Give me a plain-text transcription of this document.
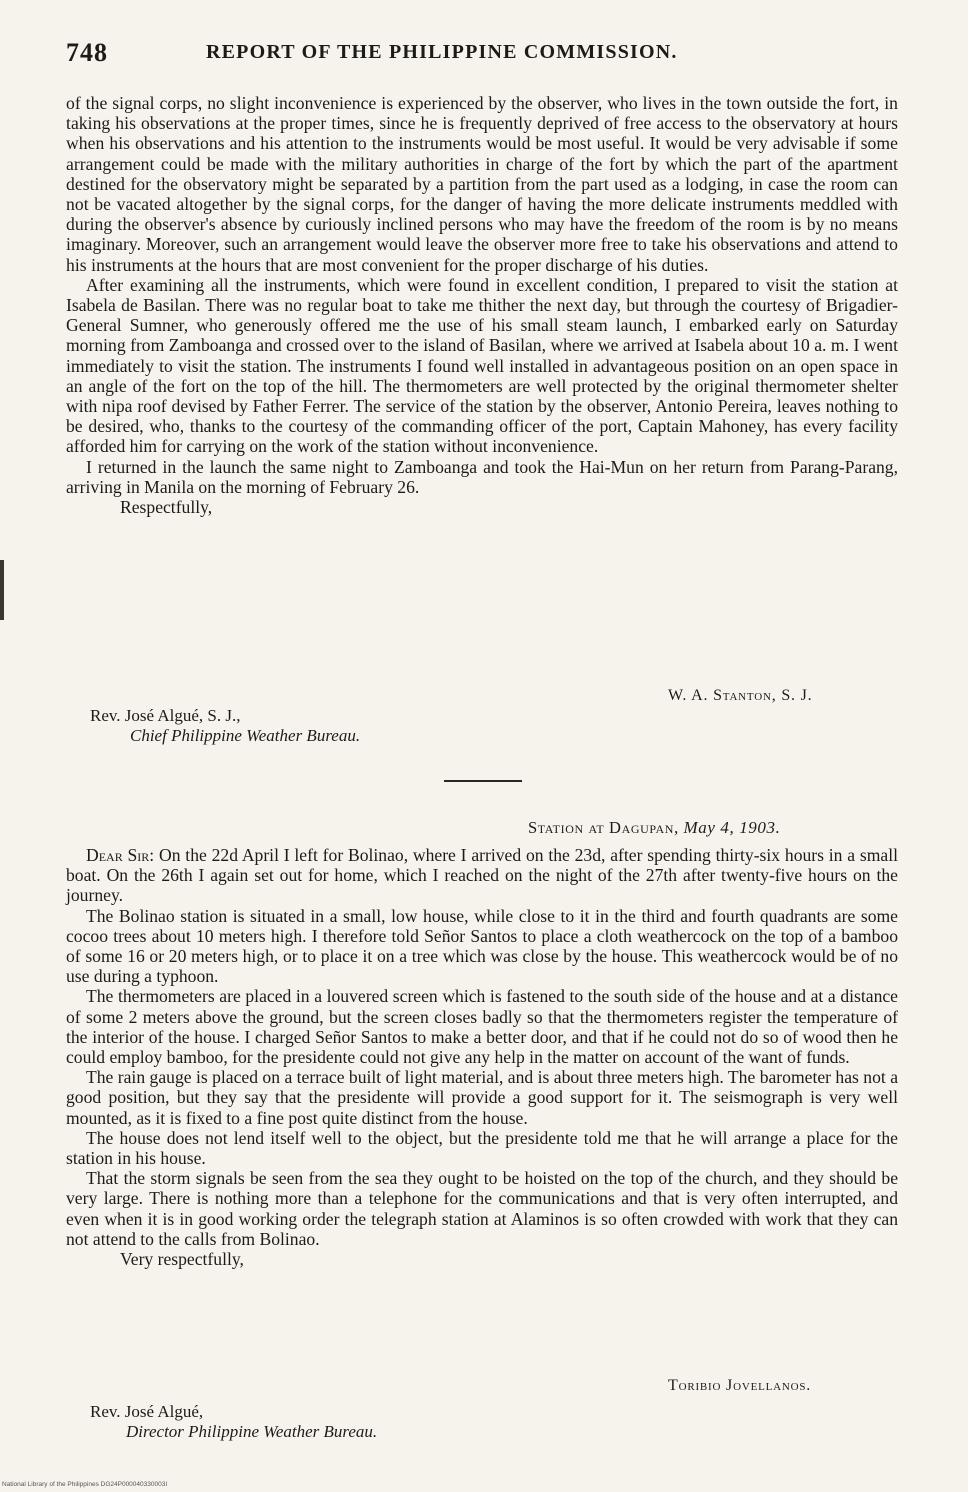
748	REPORT OF THE PHILIPPINE COMMISSION.

of the signal corps, no slight inconvenience is experienced by the observer, who lives in the town outside the fort, in taking his observations at the proper times, since he is frequently deprived of free access to the observatory at hours when his observations and his attention to the instruments would be most useful. It would be very advisable if some arrangement could be made with the military authorities in charge of the fort by which the part of the apartment destined for the observatory might be separated by a partition from the part used as a lodging, in case the room can not be vacated altogether by the signal corps, for the danger of having the more delicate instruments meddled with during the observer's absence by curiously inclined persons who may have the freedom of the room is by no means imaginary. Moreover, such an arrangement would leave the observer more free to take his observations and attend to his instruments at the hours that are most convenient for the proper discharge of his duties.

After examining all the instruments, which were found in excellent condition, I prepared to visit the station at Isabela de Basilan. There was no regular boat to take me thither the next day, but through the courtesy of Brigadier-General Sumner, who generously offered me the use of his small steam launch, I embarked early on Saturday morning from Zamboanga and crossed over to the island of Basilan, where we arrived at Isabela about 10 a. m. I went immediately to visit the station. The instruments I found well installed in advantageous position on an open space in an angle of the fort on the top of the hill. The thermometers are well protected by the original thermometer shelter with nipa roof devised by Father Ferrer. The service of the station by the observer, Antonio Pereira, leaves nothing to be desired, who, thanks to the courtesy of the commanding officer of the port, Captain Mahoney, has every facility afforded him for carrying on the work of the station without inconvenience.

I returned in the launch the same night to Zamboanga and took the Hai-Mun on her return from Parang-Parang, arriving in Manila on the morning of February 26.

Respectfully,

W. A. Stanton, S. J.
Rev. José Algué, S. J.,
Chief Philippine Weather Bureau.
Station at Dagupan, May 4, 1903.

Dear Sir: On the 22d April I left for Bolinao, where I arrived on the 23d, after spending thirty-six hours in a small boat. On the 26th I again set out for home, which I reached on the night of the 27th after twenty-five hours on the journey.

The Bolinao station is situated in a small, low house, while close to it in the third and fourth quadrants are some cocoo trees about 10 meters high. I therefore told Señor Santos to place a cloth weathercock on the top of a bamboo of some 16 or 20 meters high, or to place it on a tree which was close by the house. This weathercock would be of no use during a typhoon.

The thermometers are placed in a louvered screen which is fastened to the south side of the house and at a distance of some 2 meters above the ground, but the screen closes badly so that the thermometers register the temperature of the interior of the house. I charged Señor Santos to make a better door, and that if he could not do so of wood then he could employ bamboo, for the presidente could not give any help in the matter on account of the want of funds.

The rain gauge is placed on a terrace built of light material, and is about three meters high. The barometer has not a good position, but they say that the presidente will provide a good support for it. The seismograph is very well mounted, as it is fixed to a fine post quite distinct from the house.

The house does not lend itself well to the object, but the presidente told me that he will arrange a place for the station in his house.

That the storm signals be seen from the sea they ought to be hoisted on the top of the church, and they should be very large. There is nothing more than a telephone for the communications and that is very often interrupted, and even when it is in good working order the telegraph station at Alaminos is so often crowded with work that they can not attend to the calls from Bolinao.

Very respectfully,

Toribio Jovellanos.
Rev. José Algué,
Director Philippine Weather Bureau.
National Library of the Philippines DG24P000040330003I
